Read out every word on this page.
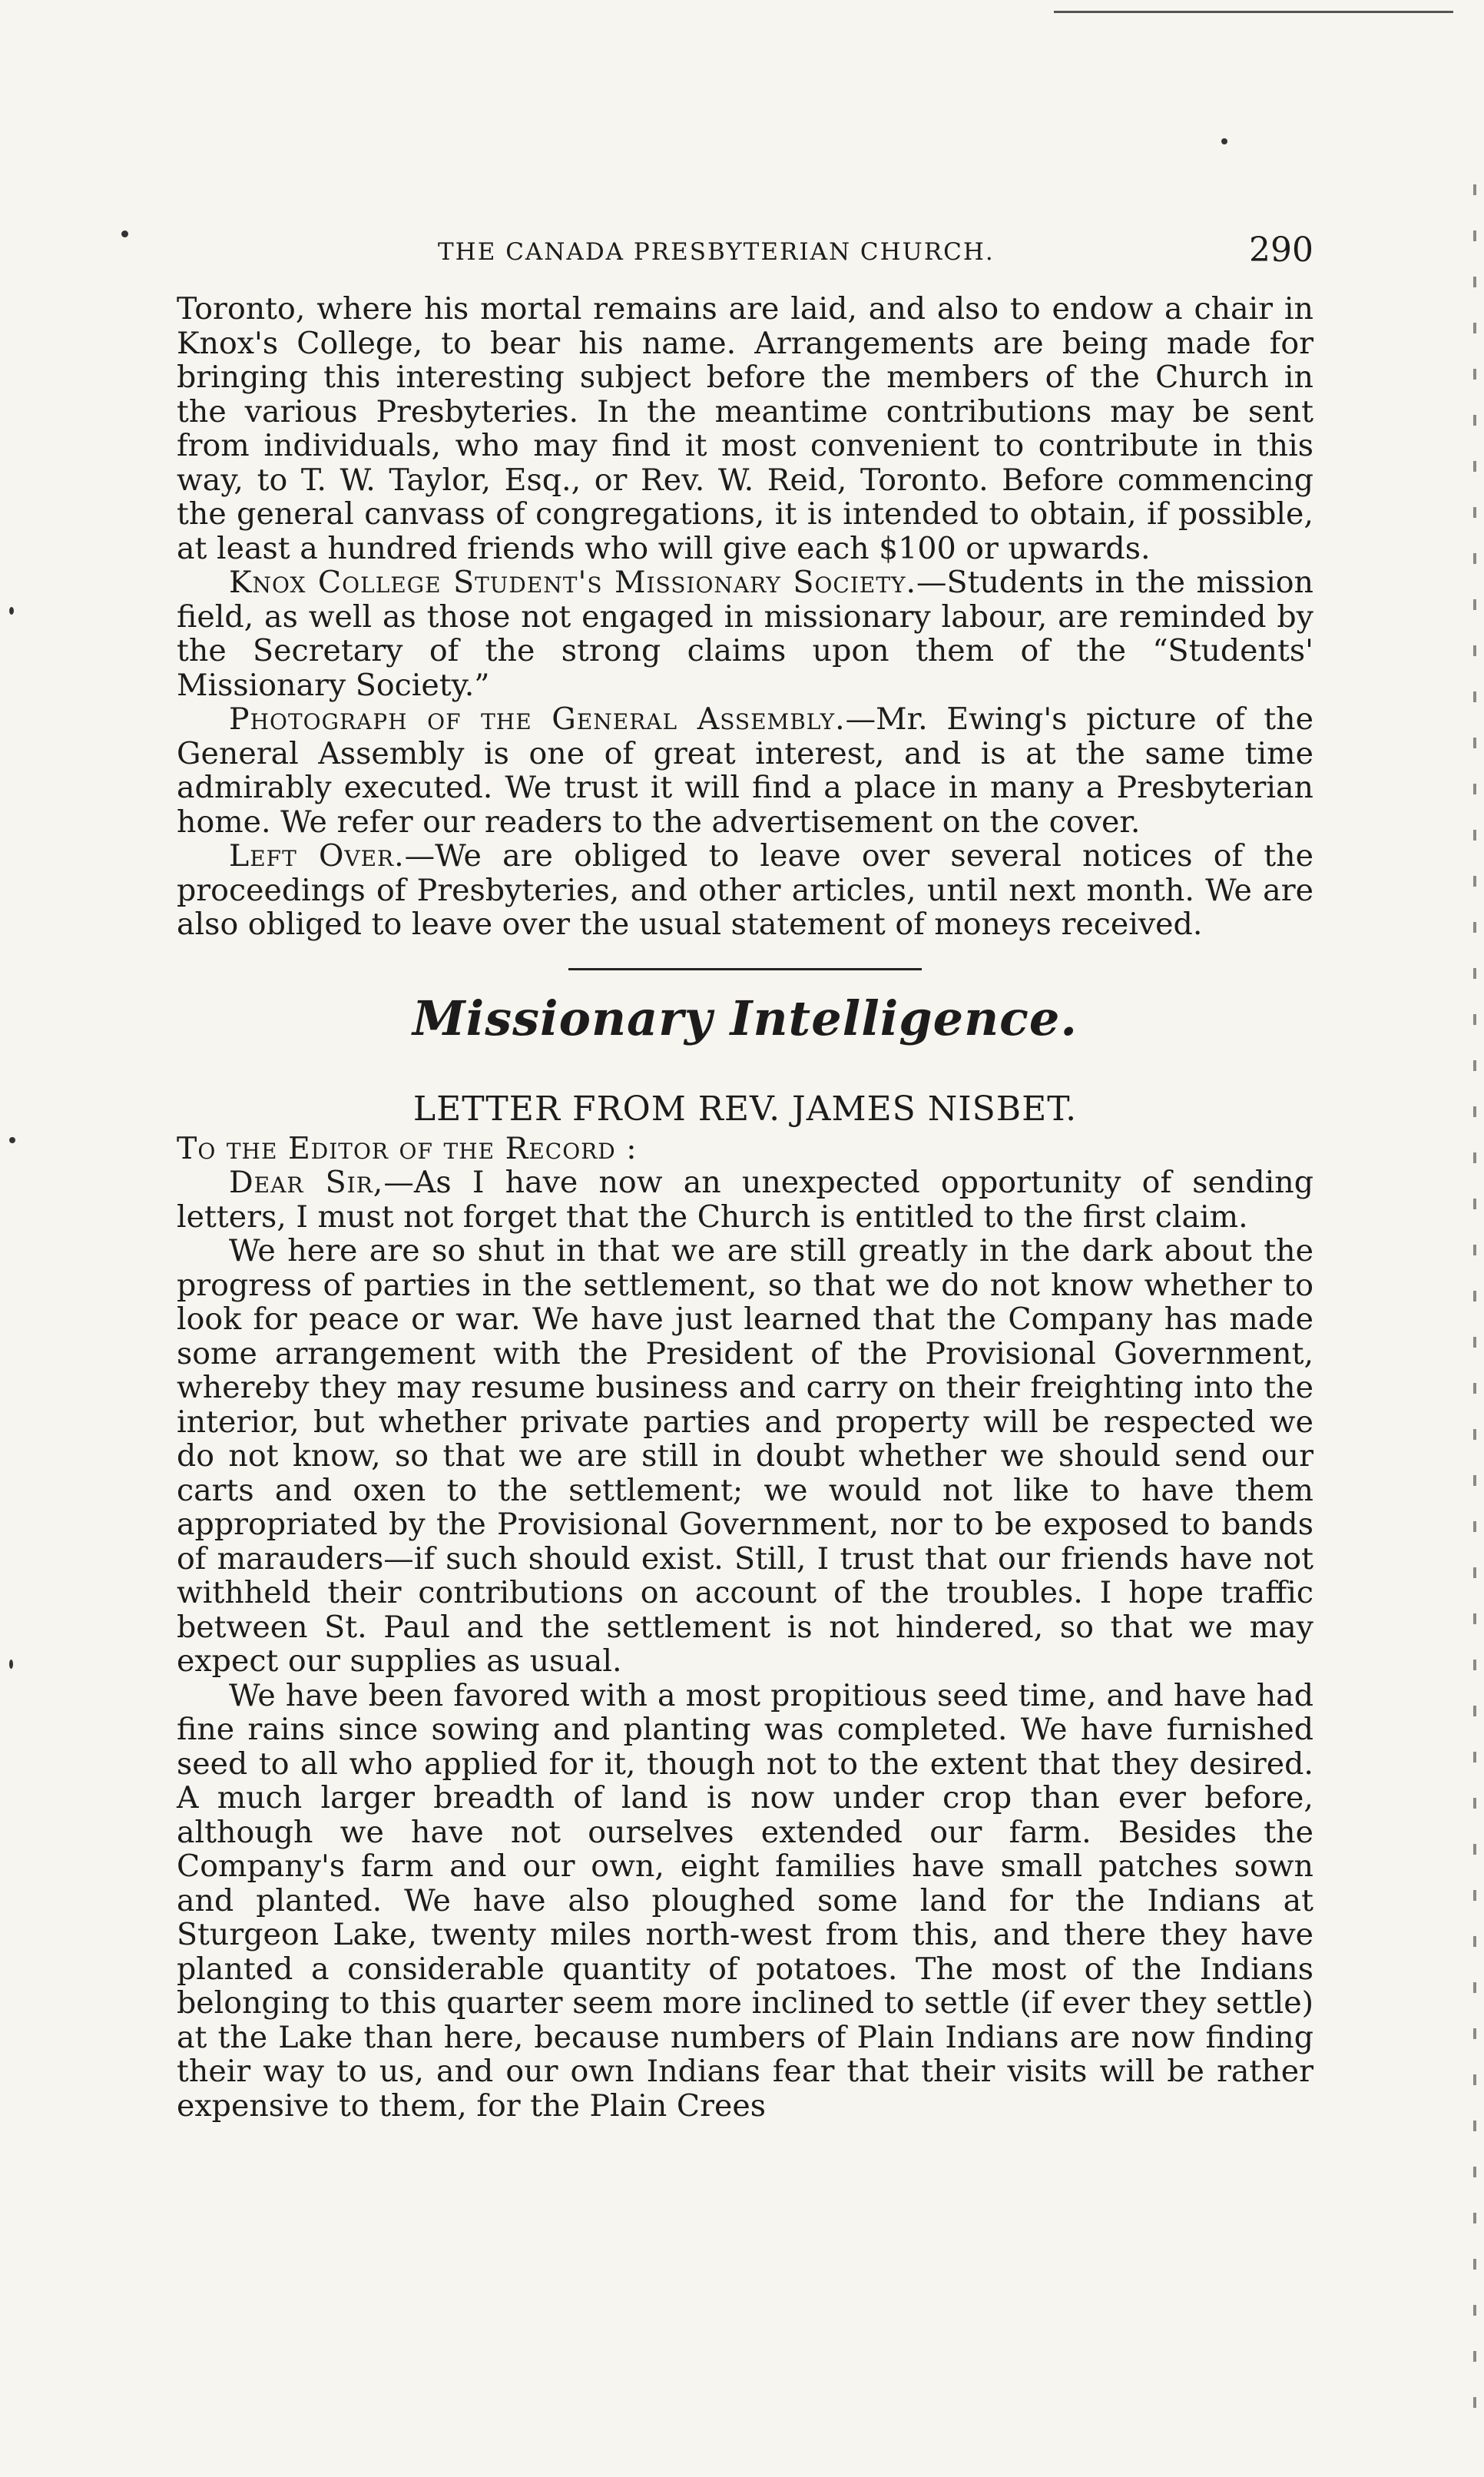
THE CANADA PRESBYTERIAN CHURCH.	290

Toronto, where his mortal remains are laid, and also to endow a chair in Knox's College, to bear his name. Arrangements are being made for bringing this interesting subject before the members of the Church in the various Presbyteries. In the meantime contributions may be sent from individuals, who may find it most convenient to contribute in this way, to T. W. Taylor, Esq., or Rev. W. Reid, Toronto. Before commencing the general canvass of congregations, it is intended to obtain, if possible, at least a hundred friends who will give each $100 or upwards.

Knox College Student's Missionary Society.—Students in the mission field, as well as those not engaged in missionary labour, are reminded by the Secretary of the strong claims upon them of the “Students' Missionary Society.”

Photograph of the General Assembly.—Mr. Ewing's picture of the General Assembly is one of great interest, and is at the same time admirably executed. We trust it will find a place in many a Presbyterian home. We refer our readers to the advertisement on the cover.

Left Over.—We are obliged to leave over several notices of the proceedings of Presbyteries, and other articles, until next month. We are also obliged to leave over the usual statement of moneys received.

Missionary Intelligence.
LETTER FROM REV. JAMES NISBET.

To the Editor of the Record :

Dear Sir,—As I have now an unexpected opportunity of sending letters, I must not forget that the Church is entitled to the first claim.

We here are so shut in that we are still greatly in the dark about the progress of parties in the settlement, so that we do not know whether to look for peace or war. We have just learned that the Company has made some arrangement with the President of the Provisional Government, whereby they may resume business and carry on their freighting into the interior, but whether private parties and property will be respected we do not know, so that we are still in doubt whether we should send our carts and oxen to the settlement; we would not like to have them appropriated by the Provisional Government, nor to be exposed to bands of marauders—if such should exist. Still, I trust that our friends have not withheld their contributions on account of the troubles. I hope traffic between St. Paul and the settlement is not hindered, so that we may expect our supplies as usual.

We have been favored with a most propitious seed time, and have had fine rains since sowing and planting was completed. We have furnished seed to all who applied for it, though not to the extent that they desired. A much larger breadth of land is now under crop than ever before, although we have not ourselves extended our farm. Besides the Company's farm and our own, eight families have small patches sown and planted. We have also ploughed some land for the Indians at Sturgeon Lake, twenty miles north-west from this, and there they have planted a considerable quantity of potatoes. The most of the Indians belonging to this quarter seem more inclined to settle (if ever they settle) at the Lake than here, because numbers of Plain Indians are now finding their way to us, and our own Indians fear that their visits will be rather expensive to them, for the Plain Crees
